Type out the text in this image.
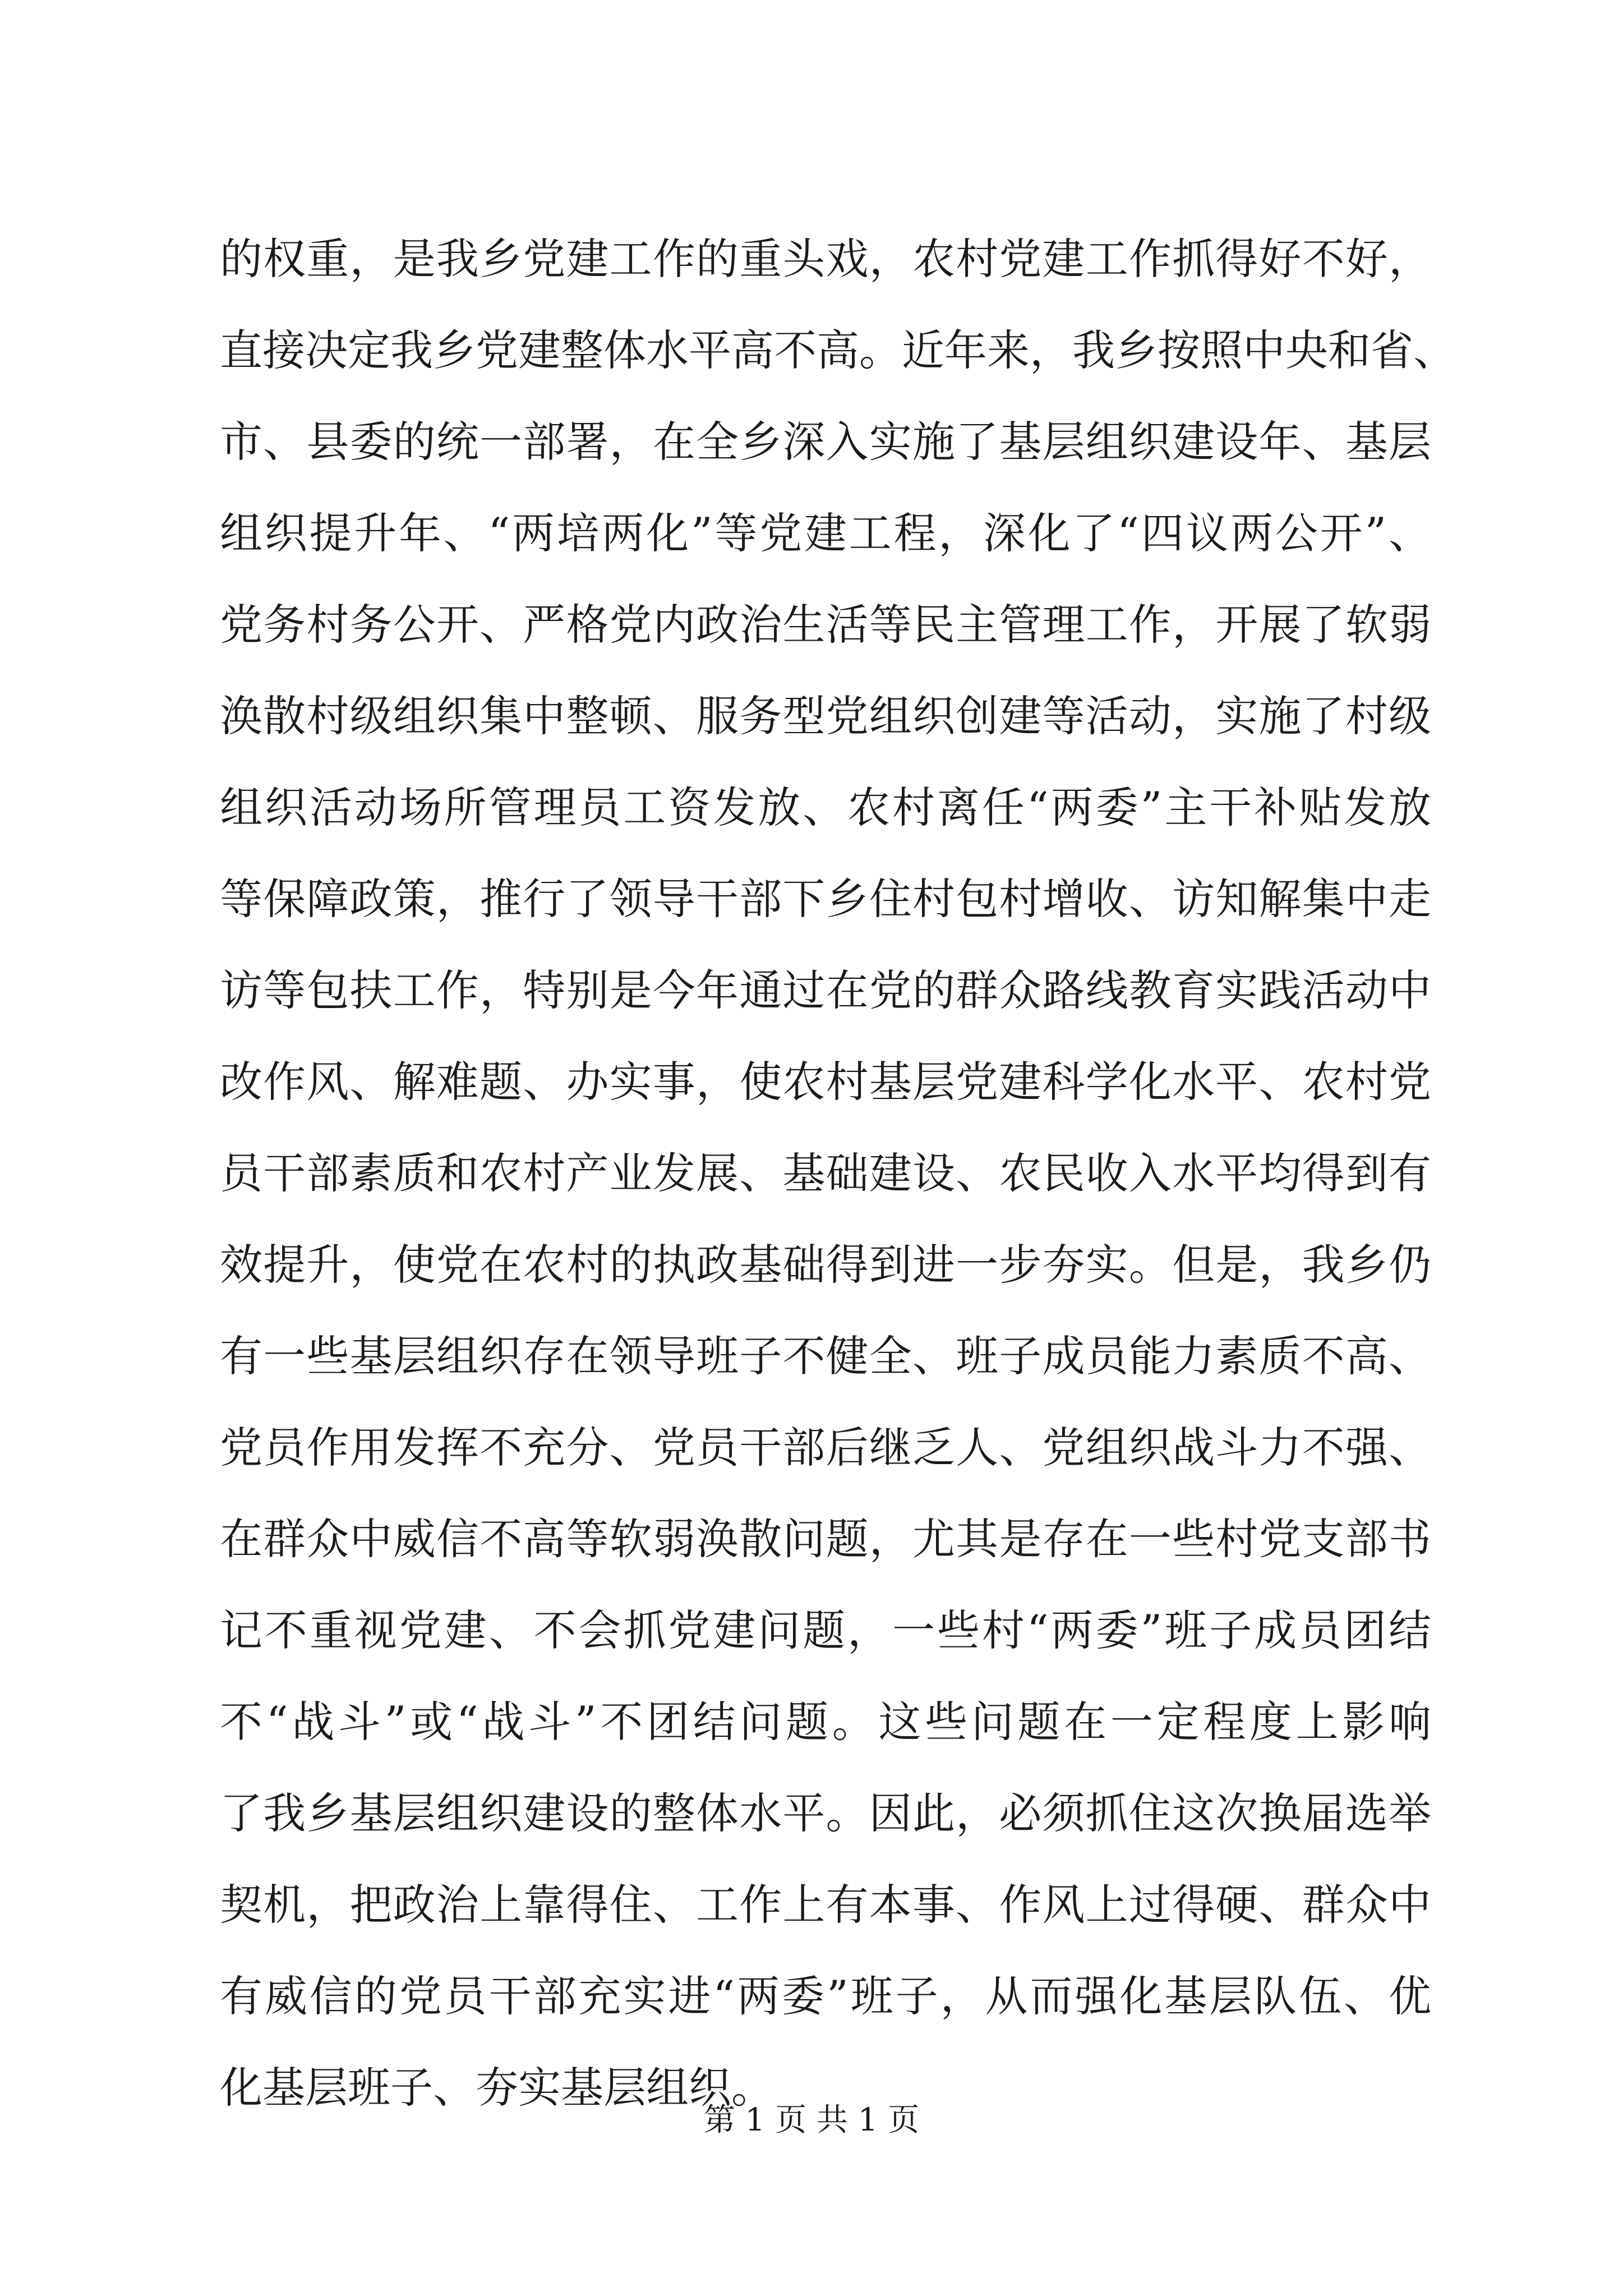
的权重，是我乡党建工作的重头戏，农村党建工作抓得好不好，
直接决定我乡党建整体水平高不高。近年来，我乡按照中央和省、
市、县委的统一部署，在全乡深入实施了基层组织建设年、基层
组织提升年、“两培两化”等党建工程，深化了“四议两公开”、
党务村务公开、严格党内政治生活等民主管理工作，开展了软弱
涣散村级组织集中整顿、服务型党组织创建等活动，实施了村级
组织活动场所管理员工资发放、农村离任“两委”主干补贴发放
等保障政策，推行了领导干部下乡住村包村增收、访知解集中走
访等包扶工作，特别是今年通过在党的群众路线教育实践活动中
改作风、解难题、办实事，使农村基层党建科学化水平、农村党
员干部素质和农村产业发展、基础建设、农民收入水平均得到有
效提升，使党在农村的执政基础得到进一步夯实。但是，我乡仍
有一些基层组织存在领导班子不健全、班子成员能力素质不高、
党员作用发挥不充分、党员干部后继乏人、党组织战斗力不强、
在群众中威信不高等软弱涣散问题，尤其是存在一些村党支部书
记不重视党建、不会抓党建问题，一些村“两委”班子成员团结
不“战斗”或“战斗”不团结问题。这些问题在一定程度上影响
了我乡基层组织建设的整体水平。因此，必须抓住这次换届选举
契机，把政治上靠得住、工作上有本事、作风上过得硬、群众中
有威信的党员干部充实进“两委”班子，从而强化基层队伍、优
化基层班子、夯实基层组织。
第 1 页 共 1 页
